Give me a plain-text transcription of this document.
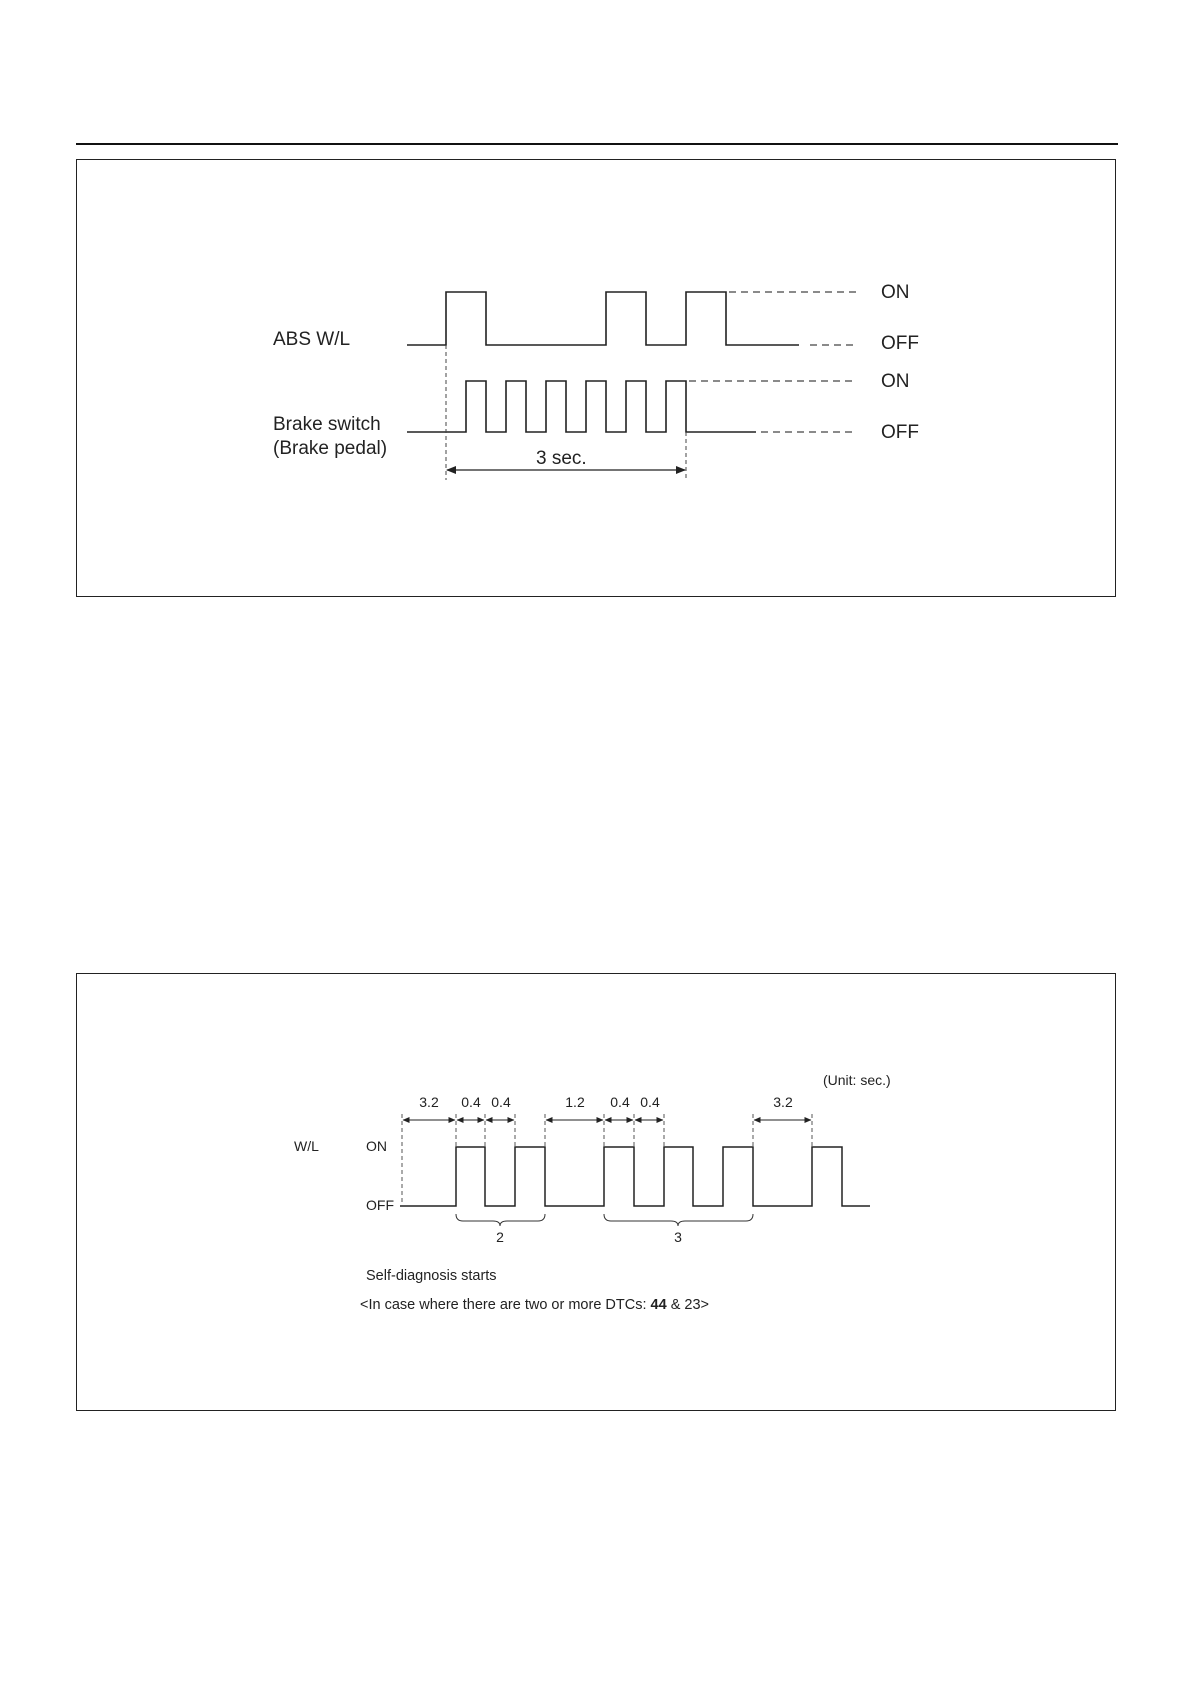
ABS W/L
Brake switch
(Brake pedal)
ON
OFF
ON
OFF
3 sec.
3.2 0.4 0.4	1.2 0.4 0.4	3.2
(Unit: sec.)
W/L	ON
OFF
2	3
Self-diagnosis starts
<In case where there are two or more DTCs: 44 & 23>
